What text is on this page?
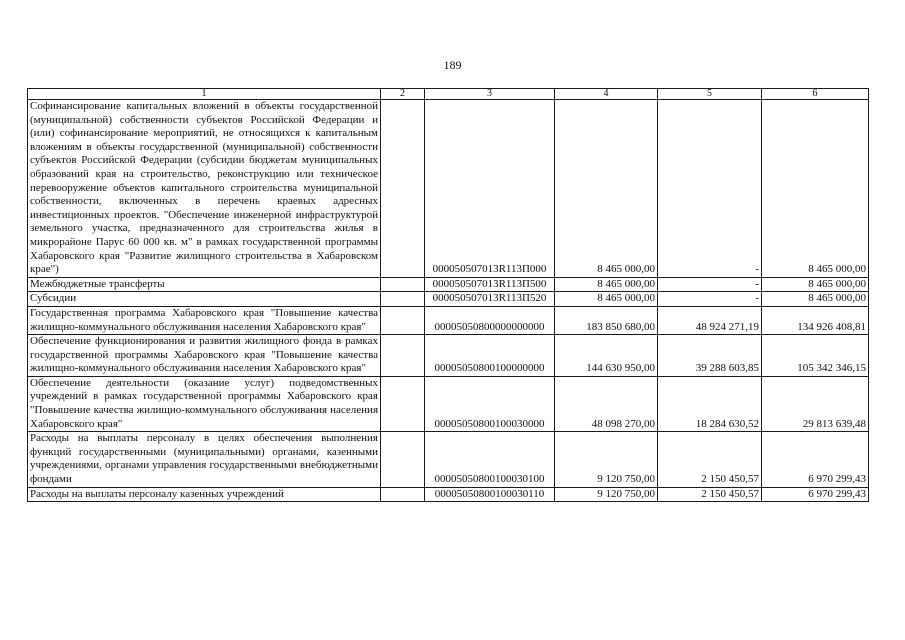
189
1	2	3	4	5	6
Софинансирование капитальных вложений в объекты государственной (муниципальной) собственности субъектов Российской Федерации и (или) софинансирование мероприятий, не относящихся к капитальным вложениям в объекты государственной (муниципальной) собственности субъектов Российской Федерации (субсидии бюджетам муниципальных образований края на строительство, реконструкцию или техническое перевооружение объектов капитального строительства муниципальной собственности, включенных в перечень краевых адресных инвестиционных проектов. "Обеспечение инженерной инфраструктурой земельного участка, предназначенного для строительства жилья в микрорайоне Парус 60 000 кв. м" в рамках государственной программы Хабаровского края "Развитие жилищного строительства в Хабаровском крае")		000050507013R113П000	8 465 000,00	-	8 465 000,00
Межбюджетные трансферты		000050507013R113П500	8 465 000,00	-	8 465 000,00
Субсидии		000050507013R113П520	8 465 000,00	-	8 465 000,00
Государственная программа Хабаровского края "Повышение качества жилищно-коммунального обслуживания населения Хабаровского края"		00005050800000000000	183 850 680,00	48 924 271,19	134 926 408,81
Обеспечение функционирования и развития жилищного фонда в рамках государственной программы Хабаровского края "Повышение качества жилищно-коммунального обслуживания населения Хабаровского края"		00005050800100000000	144 630 950,00	39 288 603,85	105 342 346,15
Обеспечение деятельности (оказание услуг) подведомственных учреждений в рамках государственной программы Хабаровского края "Повышение качества жилищно-коммунального обслуживания населения Хабаровского края"		00005050800100030000	48 098 270,00	18 284 630,52	29 813 639,48
Расходы на выплаты персоналу в целях обеспечения выполнения функций государственными (муниципальными) органами, казенными учреждениями, органами управления государственными внебюджетными фондами		00005050800100030100	9 120 750,00	2 150 450,57	6 970 299,43
Расходы на выплаты персоналу казенных учреждений		00005050800100030110	9 120 750,00	2 150 450,57	6 970 299,43
